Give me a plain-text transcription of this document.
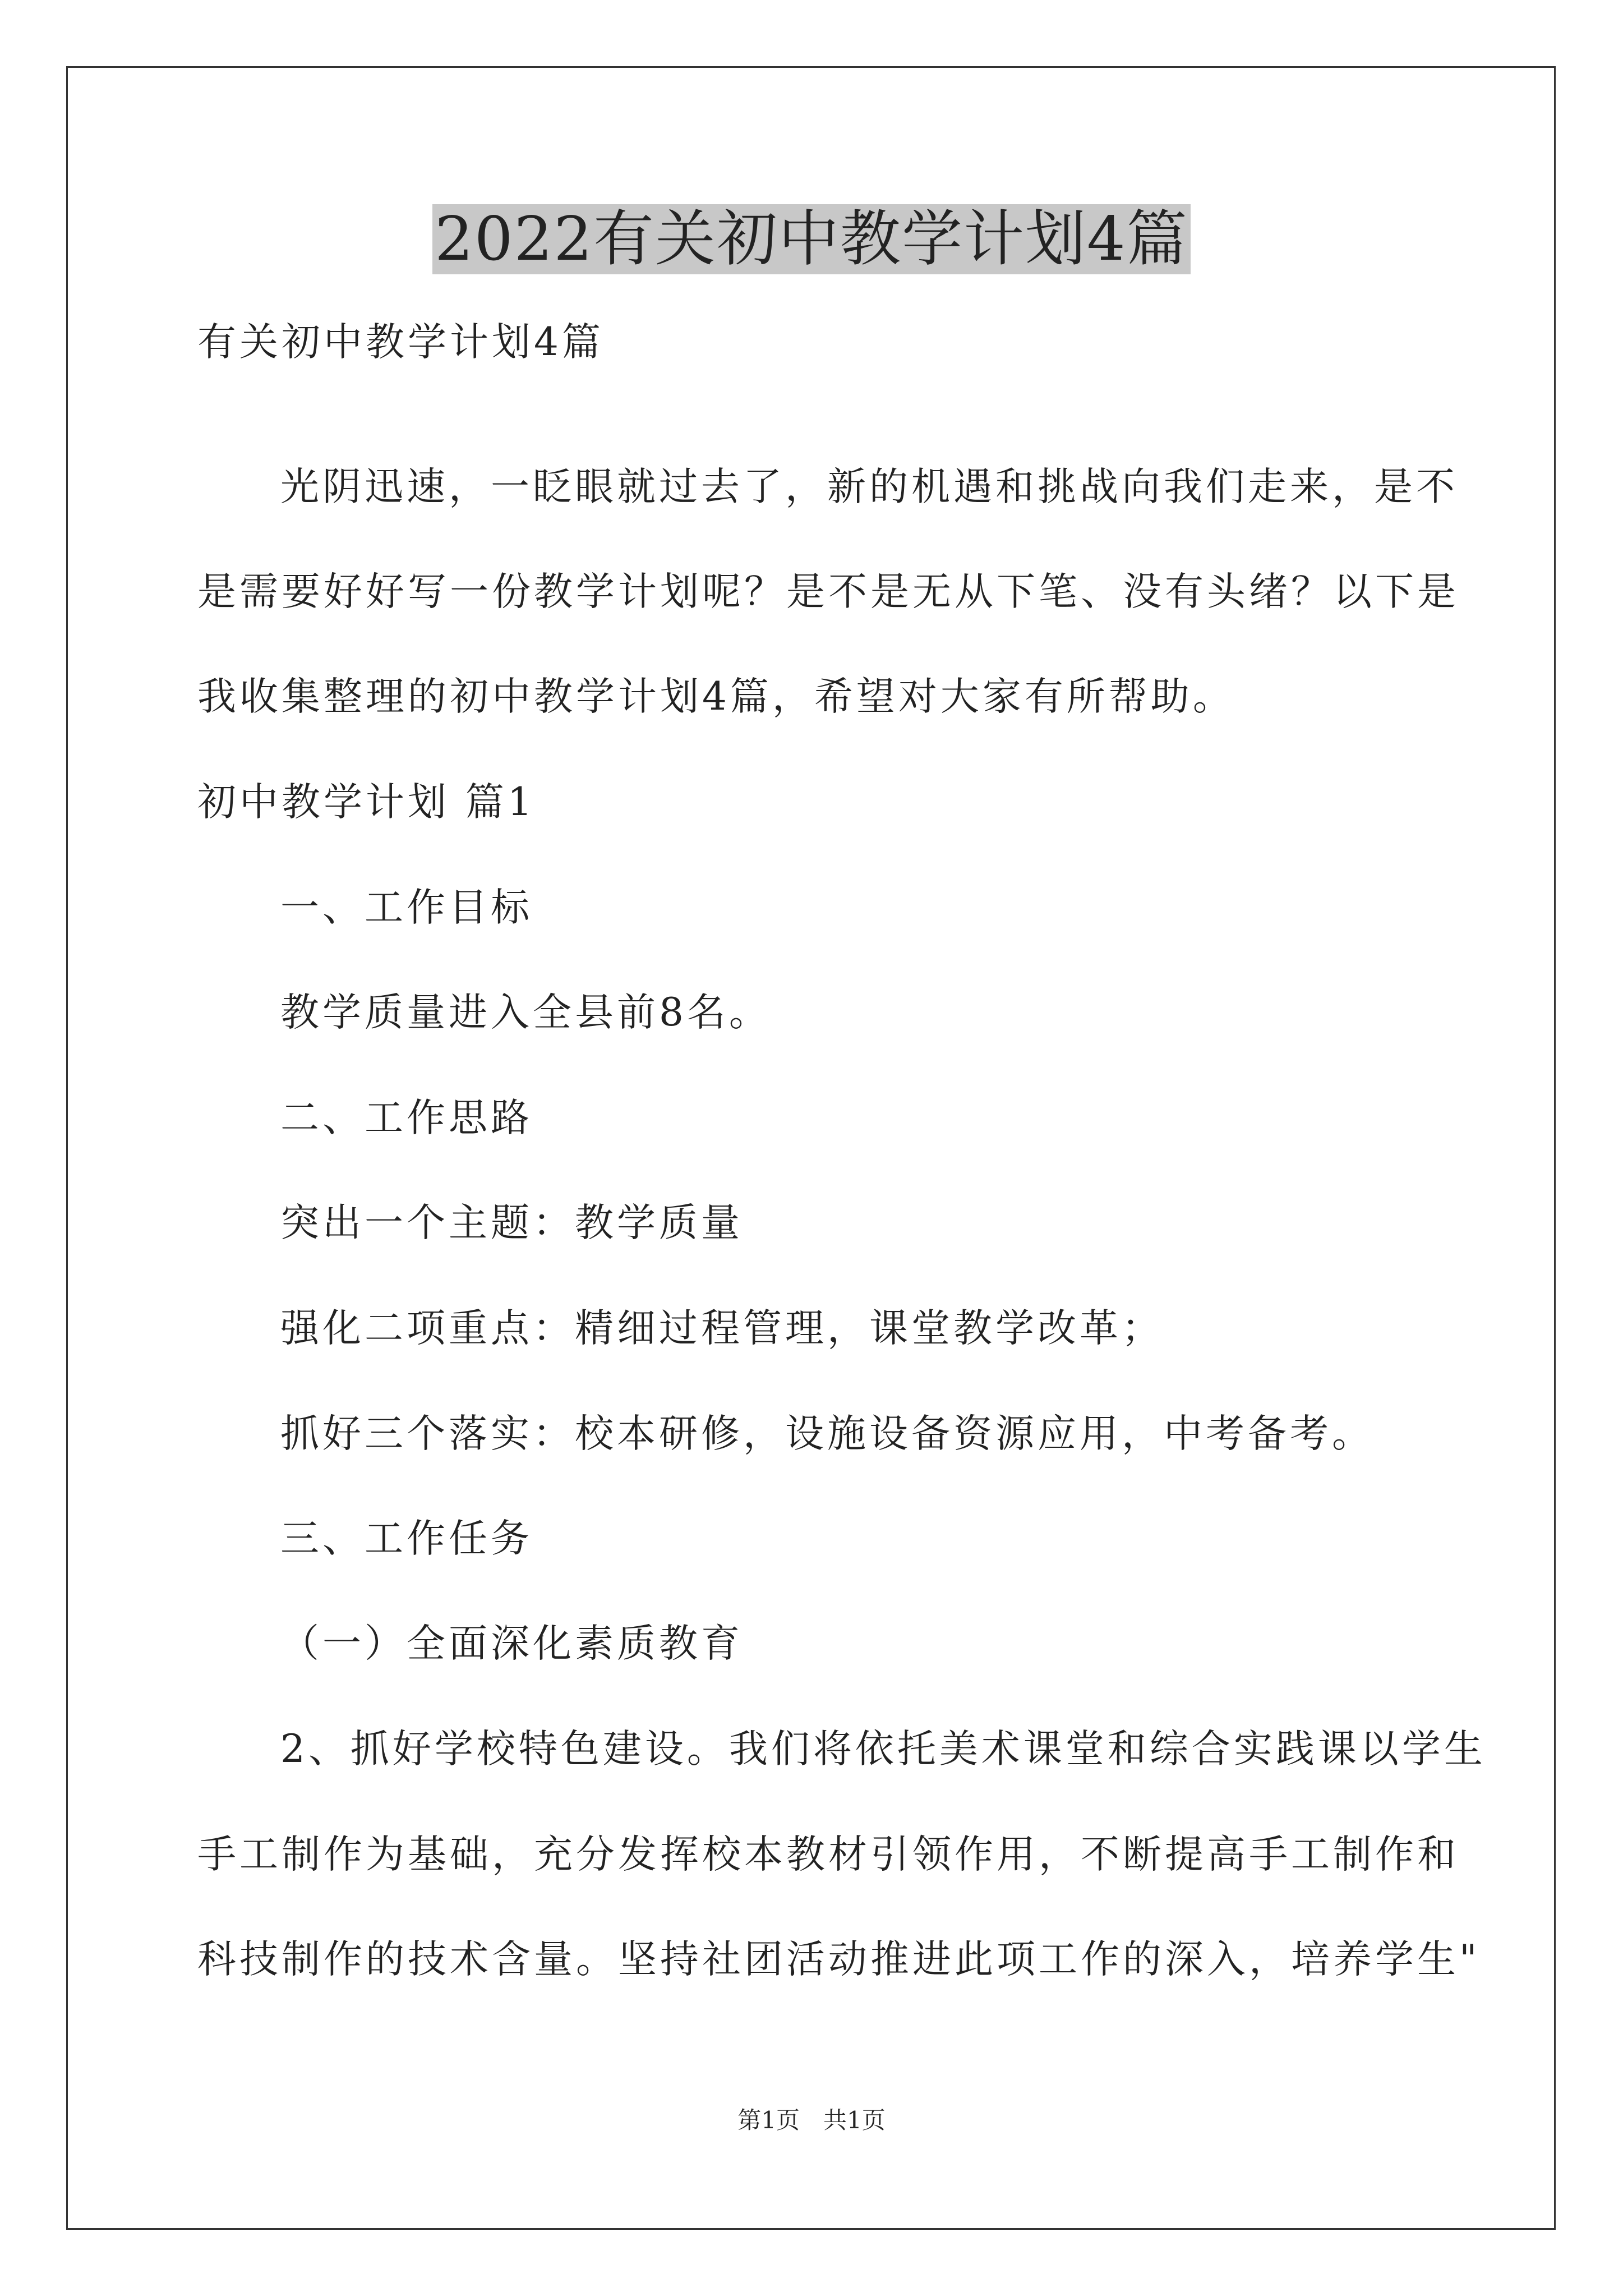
2022有关初中教学计划4篇
有关初中教学计划4篇
光阴迅速，一眨眼就过去了，新的机遇和挑战向我们走来，是不
是需要好好写一份教学计划呢？是不是无从下笔、没有头绪？以下是
我收集整理的初中教学计划4篇，希望对大家有所帮助。
初中教学计划 篇1
一、工作目标
教学质量进入全县前8名。
二、工作思路
突出一个主题：教学质量
强化二项重点：精细过程管理，课堂教学改革；
抓好三个落实：校本研修，设施设备资源应用，中考备考。
三、工作任务
（一）全面深化素质教育
2、抓好学校特色建设。我们将依托美术课堂和综合实践课以学生
手工制作为基础，充分发挥校本教材引领作用，不断提高手工制作和
科技制作的技术含量。坚持社团活动推进此项工作的深入，培养学生"
第1页　共1页
